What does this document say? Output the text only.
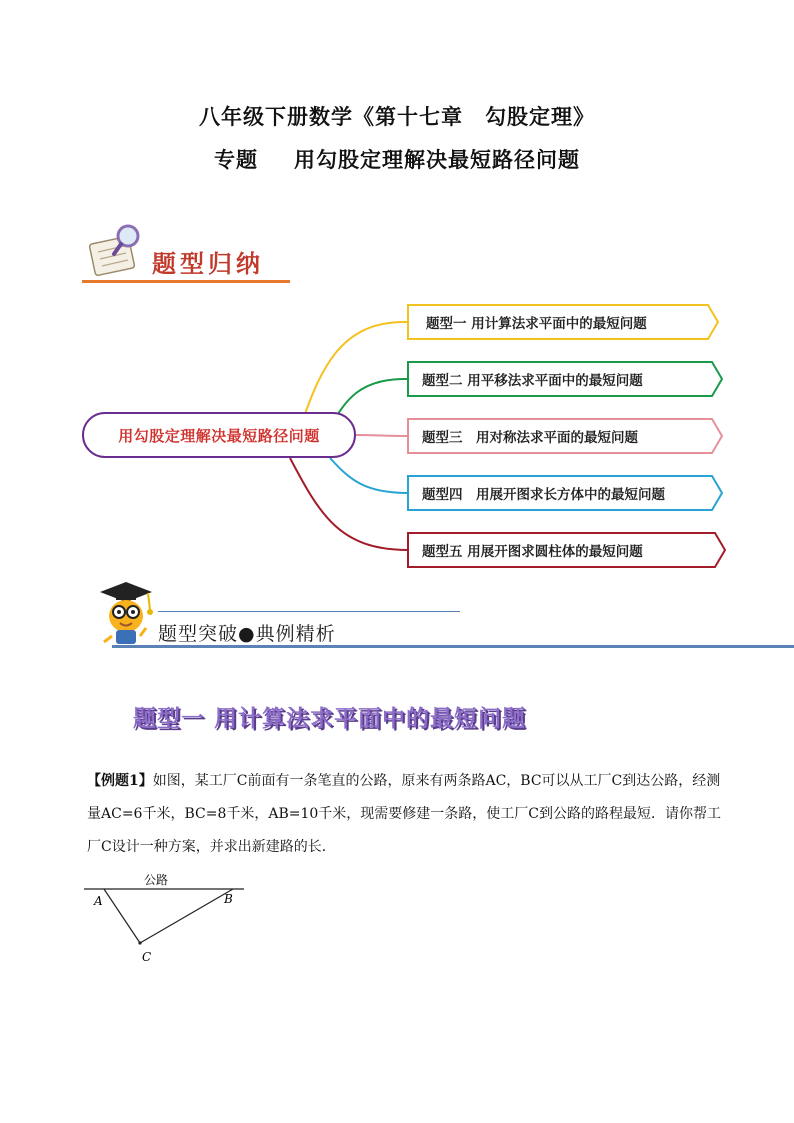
八年级下册数学《第十七章　勾股定理》
专题 用勾股定理解决最短路径问题
题型归纳
用勾股定理解决最短路径问题
题型一 用计算法求平面中的最短问题
题型二 用平移法求平面中的最短问题
题型三　用对称法求平面的最短问题
题型四　用展开图求长方体中的最短问题
题型五 用展开图求圆柱体的最短问题
题型突破●典例精析
题型一 用计算法求平面中的最短问题
【例题1】如图，某工厂C前面有一条笔直的公路，原来有两条路AC，BC可以从工厂C到达公路，经测量AC=6千米，BC=8千米，AB=10千米，现需要修建一条路，使工厂C到公路的路程最短．请你帮工厂C设计一种方案，并求出新建路的长．
公路
A	B
C
